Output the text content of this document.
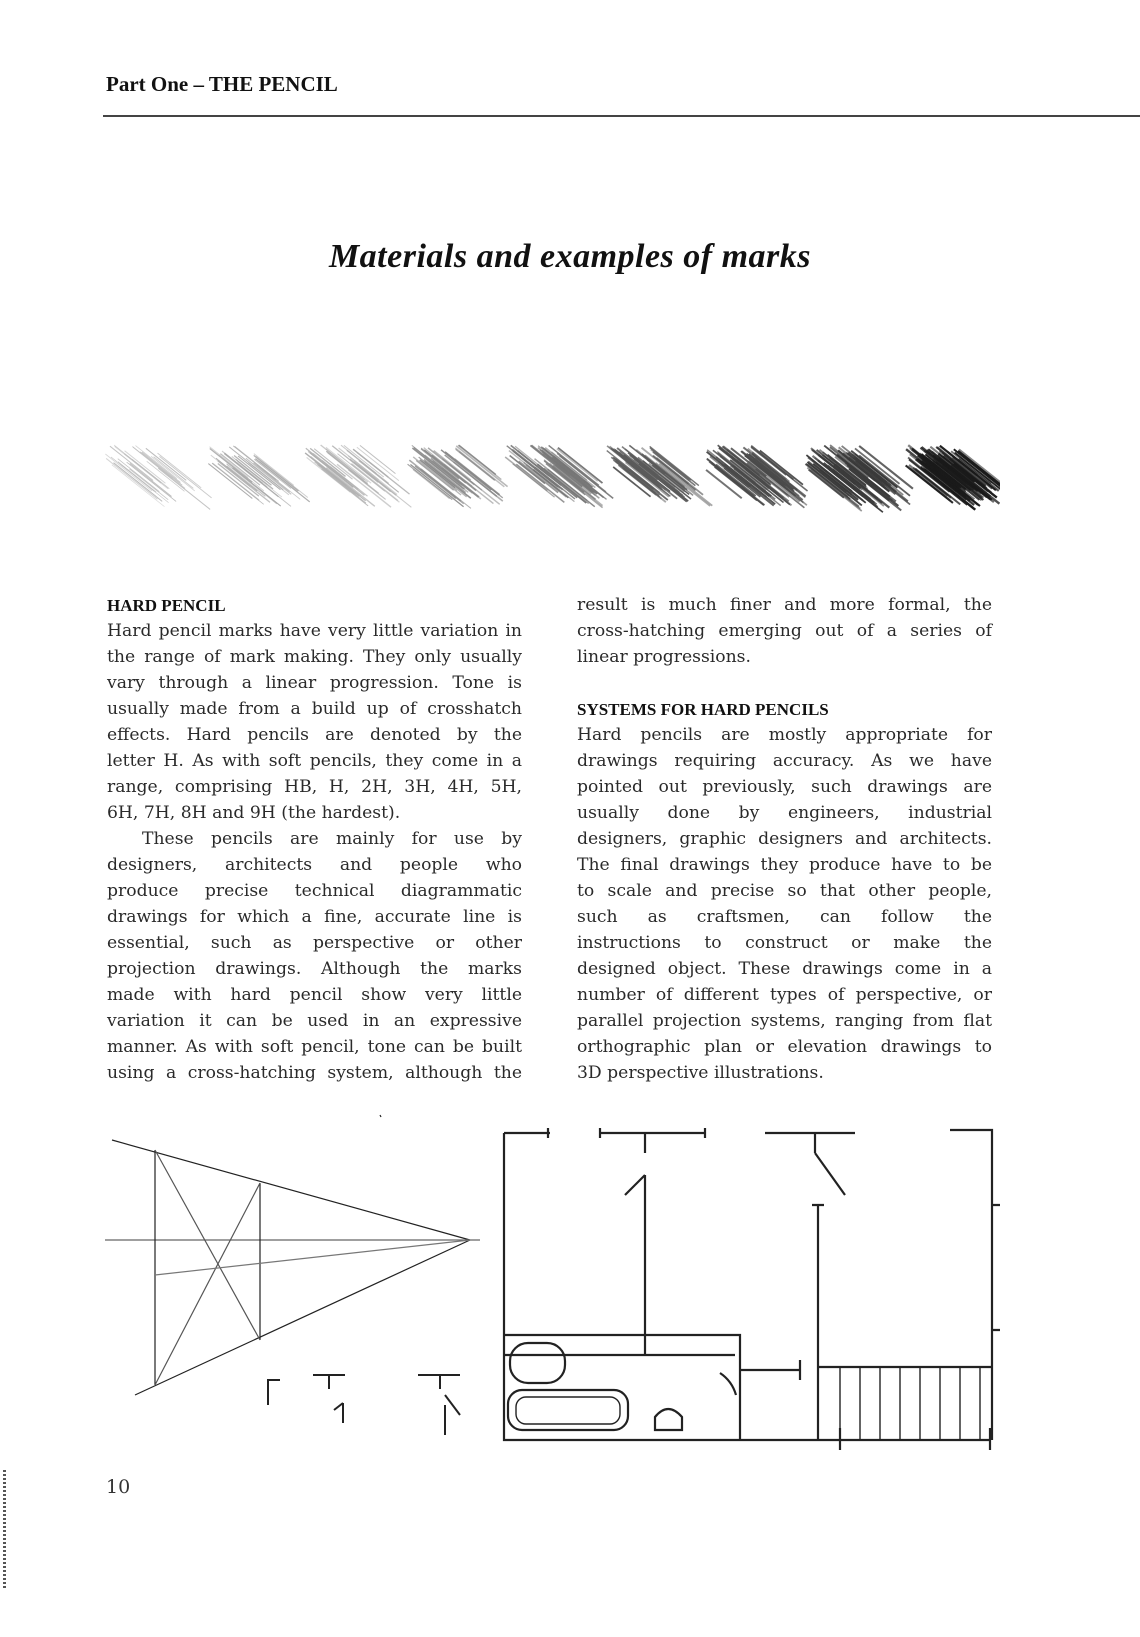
Part One – THE PENCIL
Materials and examples of marks
HARD PENCIL
Hard pencil marks have very little variation in
the range of mark making. They only usually
vary through a linear progression. Tone is
usually made from a build up of crosshatch
effects. Hard pencils are denoted by the
letter H. As with soft pencils, they come in a
range, comprising HB, H, 2H, 3H, 4H, 5H,
6H, 7H, 8H and 9H (the hardest).
These pencils are mainly for use by
designers, architects and people who
produce precise technical diagrammatic
drawings for which a fine, accurate line is
essential, such as perspective or other
projection drawings. Although the marks
made with hard pencil show very little
variation it can be used in an expressive
manner. As with soft pencil, tone can be built
using a cross-hatching system, although the
result is much finer and more formal, the
cross-hatching emerging out of a series of
linear progressions.
SYSTEMS FOR HARD PENCILS
Hard pencils are mostly appropriate for
drawings requiring accuracy. As we have
pointed out previously, such drawings are
usually done by engineers, industrial
designers, graphic designers and architects.
The final drawings they produce have to be
to scale and precise so that other people,
such as craftsmen, can follow the
instructions to construct or make the
designed object. These drawings come in a
number of different types of perspective, or
parallel projection systems, ranging from flat
orthographic plan or elevation drawings to
3D perspective illustrations.
10
